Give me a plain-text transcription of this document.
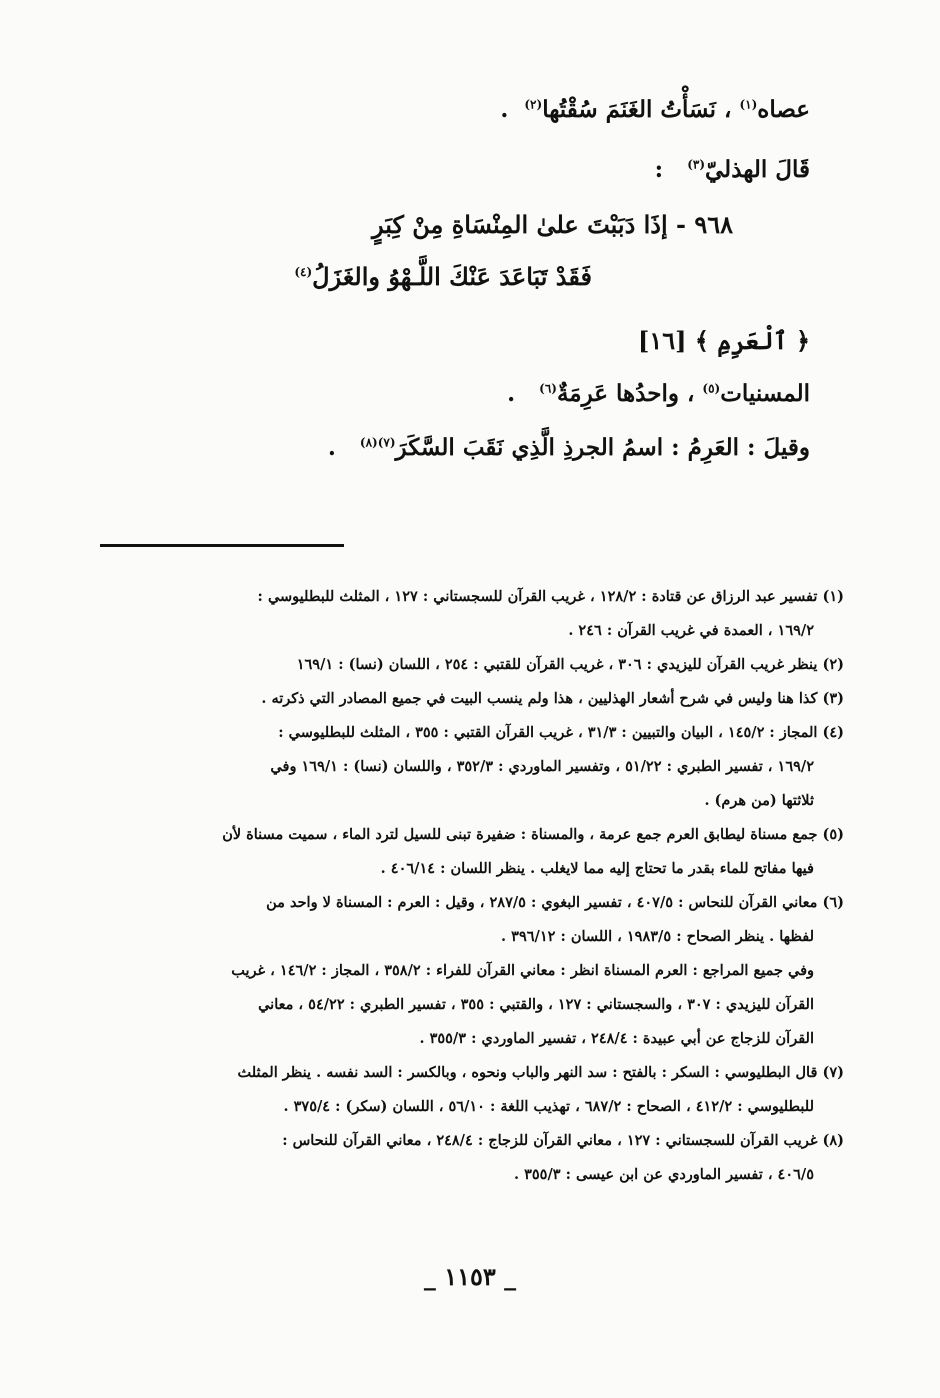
عصاه$^{(١)}$ ، نَسَأْتُ الغَنَمَ سُقْتُها$^{(٢)}$  .
قَالَ الهذليّ$^{(٣)}$   :
٩٦٨ - إذَا دَبَبْتَ علىٰ المِنْسَاةِ مِنْ كِبَرٍ
فَقَدْ تَبَاعَدَ عَنْكَ اللَّـهْوُ والغَزَلُ$^{(٤)}$
﴿ ٱلْعَرِمِ ﴾ [١٦]
المسنيات$^{(٥)}$ ، واحدُها عَرِمَةٌ$^{(٦)}$   .
وقيلَ : العَرِمُ : اسمُ الجرذِ الَّذِي نَقَبَ السَّكَرَ$^{(٧)(٨)}$   .
(١) تفسير عبد الرزاق عن قتادة : ١٢٨/٢ ، غريب القرآن للسجستاني : ١٢٧ ، المثلث للبطليوسي :
١٦٩/٢ ، العمدة في غريب القرآن : ٢٤٦ .
(٢) ينظر غريب القرآن لليزيدي : ٣٠٦ ، غريب القرآن للقتبي : ٢٥٤ ، اللسان (نسا) : ١٦٩/١
(٣) كذا هنا وليس في شرح أشعار الهذليين ، هذا ولم ينسب البيت في جميع المصادر التي ذكرته .
(٤) المجاز : ١٤٥/٢ ، البيان والتبيين : ٣١/٣ ، غريب القرآن القتبي : ٣٥٥ ، المثلث للبطليوسي :
١٦٩/٢ ، تفسير الطبري : ٥١/٢٢ ، وتفسير الماوردي : ٣٥٢/٣ ، واللسان (نسا) : ١٦٩/١ وفي
ثلاثتها (من هرم) .
(٥) جمع مسناة ليطابق العرم جمع عرمة ، والمسناة : ضفيرة تبنى للسيل لترد الماء ، سميت مسناة لأن
فيها مفاتح للماء بقدر ما تحتاج إليه مما لايغلب . ينظر اللسان : ٤٠٦/١٤ .
(٦) معاني القرآن للنحاس : ٤٠٧/٥ ، تفسير البغوي : ٢٨٧/٥ ، وقيل : العرم : المسناة لا واحد من
لفظها . ينظر الصحاح : ١٩٨٣/٥ ، اللسان : ٣٩٦/١٢ .
وفي جميع المراجع : العرم المسناة انظر : معاني القرآن للفراء : ٣٥٨/٢ ، المجاز : ١٤٦/٢ ، غريب
القرآن لليزيدي : ٣٠٧ ، والسجستاني : ١٢٧ ، والقتبي : ٣٥٥ ، تفسير الطبري : ٥٤/٢٢ ، معاني
القرآن للزجاج عن أبي عبيدة : ٢٤٨/٤ ، تفسير الماوردي : ٣٥٥/٣ .
(٧) قال البطليوسي : السكر : بالفتح : سد النهر والباب ونحوه ، وبالكسر : السد نفسه . ينظر المثلث
للبطليوسي : ٤١٢/٢ ، الصحاح : ٦٨٧/٢ ، تهذيب اللغة : ٥٦/١٠ ، اللسان (سكر) : ٣٧٥/٤ .
(٨) غريب القرآن للسجستاني : ١٢٧ ، معاني القرآن للزجاج : ٢٤٨/٤ ، معاني القرآن للنحاس :
٤٠٦/٥ ، تفسير الماوردي عن ابن عيسى : ٣٥٥/٣ .
_ ١١٥٣ _
